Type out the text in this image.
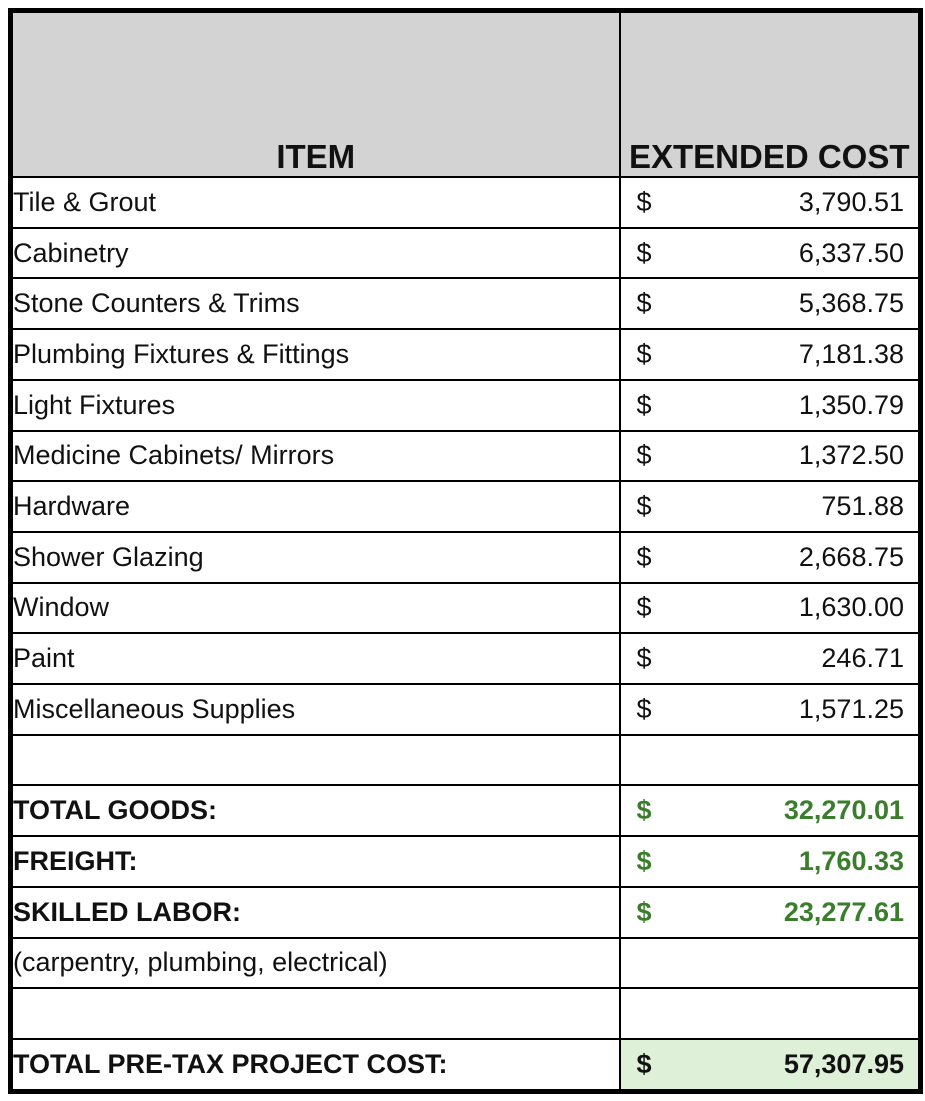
ITEM	EXTENDED COST
Tile & Grout	$ 3,790.51

Cabinetry	$ 6,337.50

Stone Counters & Trims	$ 5,368.75

Plumbing Fixtures & Fittings	$ 7,181.38

Light Fixtures	$ 1,350.79

Medicine Cabinets/ Mirrors	$ 1,372.50

Hardware	$ 751.88

Shower Glazing	$ 2,668.75

Window	$ 1,630.00

Paint	$ 246.71

Miscellaneous Supplies	$ 1,571.25

TOTAL GOODS:	$ 32,270.01

FREIGHT:	$ 1,760.33

SKILLED LABOR:	$ 23,277.61

(carpentry, plumbing, electrical)	

TOTAL PRE-TAX PROJECT COST:	$ 57,307.95
